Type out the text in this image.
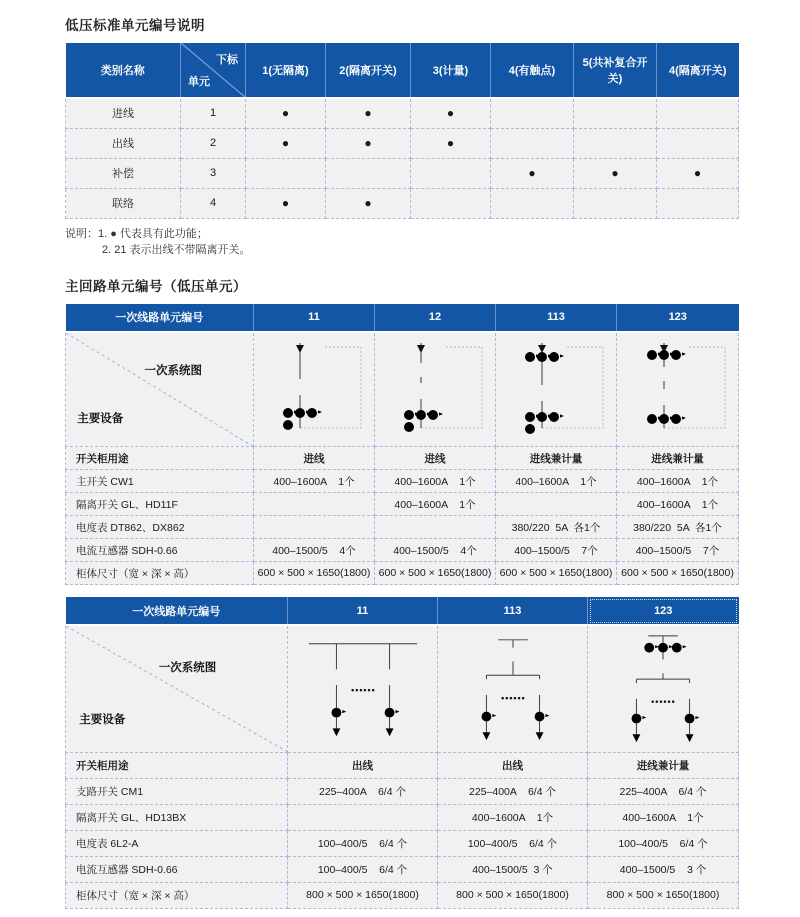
低压标准单元编号说明
类别名称	下标
单元	1(无隔离)	2(隔离开关)	3(计量)	4(有触点)	5(共补复合开关)	4(隔离开关)
进线	1	●	●	●			
出线	2	●	●	●			
补偿	3				●	●	●
联络	4	●	●				
说明：1. ● 代表具有此功能；
2. 21 表示出线不带隔离开关。
主回路单元编号（低压单元）
一次线路单元编号	11	12	113	123

一次系统图
主要设备

开关柜用途	进线	进线	进线兼计量	进线兼计量
主开关 CW1	400–1600A    1个	400–1600A    1个	400–1600A    1个	400–1600A    1个
隔离开关 GL、HD11F		400–1600A    1个		400–1600A    1个
电度表 DT862、DX862			380/220  5A  各1个	380/220  5A  各1个
电流互感器 SDH-0.66	400–1500/5    4个	400–1500/5    4个	400–1500/5    7个	400–1500/5    7个
柜体尺寸（宽 × 深 × 高）	600 × 500 × 1650(1800)	600 × 500 × 1650(1800)	600 × 500 × 1650(1800)	600 × 500 × 1650(1800)
一次线路单元编号	11	113	123

一次系统图
主要设备	••••••	••••••	••••••

开关柜用途	出线	出线	进线兼计量
支路开关 CM1	225–400A    6/4 个	225–400A    6/4 个	225–400A    6/4 个
隔离开关 GL、HD13BX		400–1600A    1个	400–1600A    1个
电度表 6L2-A	100–400/5    6/4 个	100–400/5    6/4 个	100–400/5    6/4 个
电流互感器 SDH-0.66	100–400/5    6/4 个	400–1500/5  3 个	400–1500/5    3 个
柜体尺寸（宽 × 深 × 高）	800 × 500 × 1650(1800)	800 × 500 × 1650(1800)	800 × 500 × 1650(1800)
